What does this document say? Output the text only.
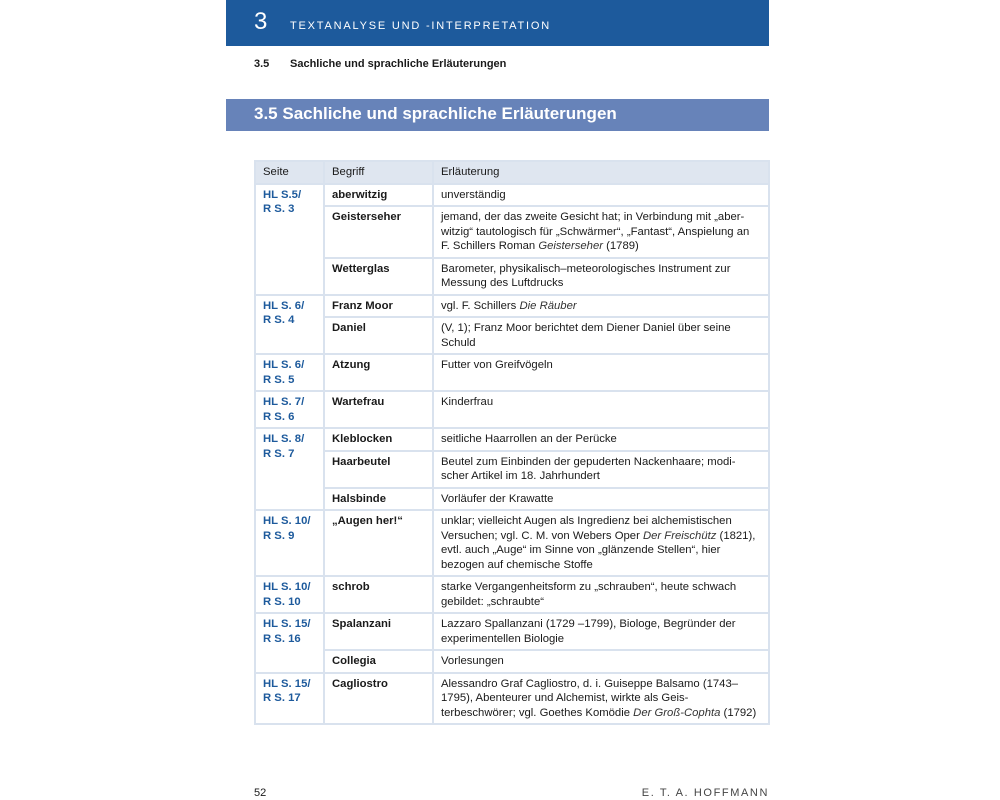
3 TEXTANALYSE UND -INTERPRETATION
3.5 Sachliche und sprachliche Erläuterungen
3.5 Sachliche und sprachliche Erläuterungen
Seite	Begriff	Erläuterung

HL S.5/
R S. 3	aberwitzig	unverständig
	Geisterseher	jemand, der das zweite Gesicht hat; in Verbindung mit „aber-witzig“ tautologisch für „Schwärmer“, „Fantast“, Anspielung an F. Schillers Roman Geisterseher (1789)
	Wetterglas	Barometer, physikalisch–meteorologisches Instrument zur Messung des Luftdrucks

HL S. 6/
R S. 4	Franz Moor	vgl. F. Schillers Die Räuber
	Daniel	(V, 1); Franz Moor berichtet dem Diener Daniel über seine Schuld

HL S. 6/
R S. 5	Atzung	Futter von Greifvögeln

HL S. 7/
R S. 6	Wartefrau	Kinderfrau

HL S. 8/
R S. 7	Kleblocken	seitliche Haarrollen an der Perücke
	Haarbeutel	Beutel zum Einbinden der gepuderten Nackenhaare; modi-scher Artikel im 18. Jahrhundert
	Halsbinde	Vorläufer der Krawatte

HL S. 10/
R S. 9	„Augen her!“	unklar; vielleicht Augen als Ingredienz bei alchemistischen Versuchen; vgl. C. M. von Webers Oper Der Freischütz (1821), evtl. auch „Auge“ im Sinne von „glänzende Stellen“, hier bezogen auf chemische Stoffe

HL S. 10/
R S. 10	schrob	starke Vergangenheitsform zu „schrauben“, heute schwach gebildet: „schraubte“

HL S. 15/
R S. 16	Spalanzani	Lazzaro Spallanzani (1729 –1799), Biologe, Begründer der experimentellen Biologie
	Collegia	Vorlesungen

HL S. 15/
R S. 17	Cagliostro	Alessandro Graf Cagliostro, d. i. Guiseppe Balsamo (1743–1795), Abenteurer und Alchemist, wirkte als Geis-terbeschwörer; vgl. Goethes Komödie Der Groß-Cophta (1792)
52	E. T. A. HOFFMANN
